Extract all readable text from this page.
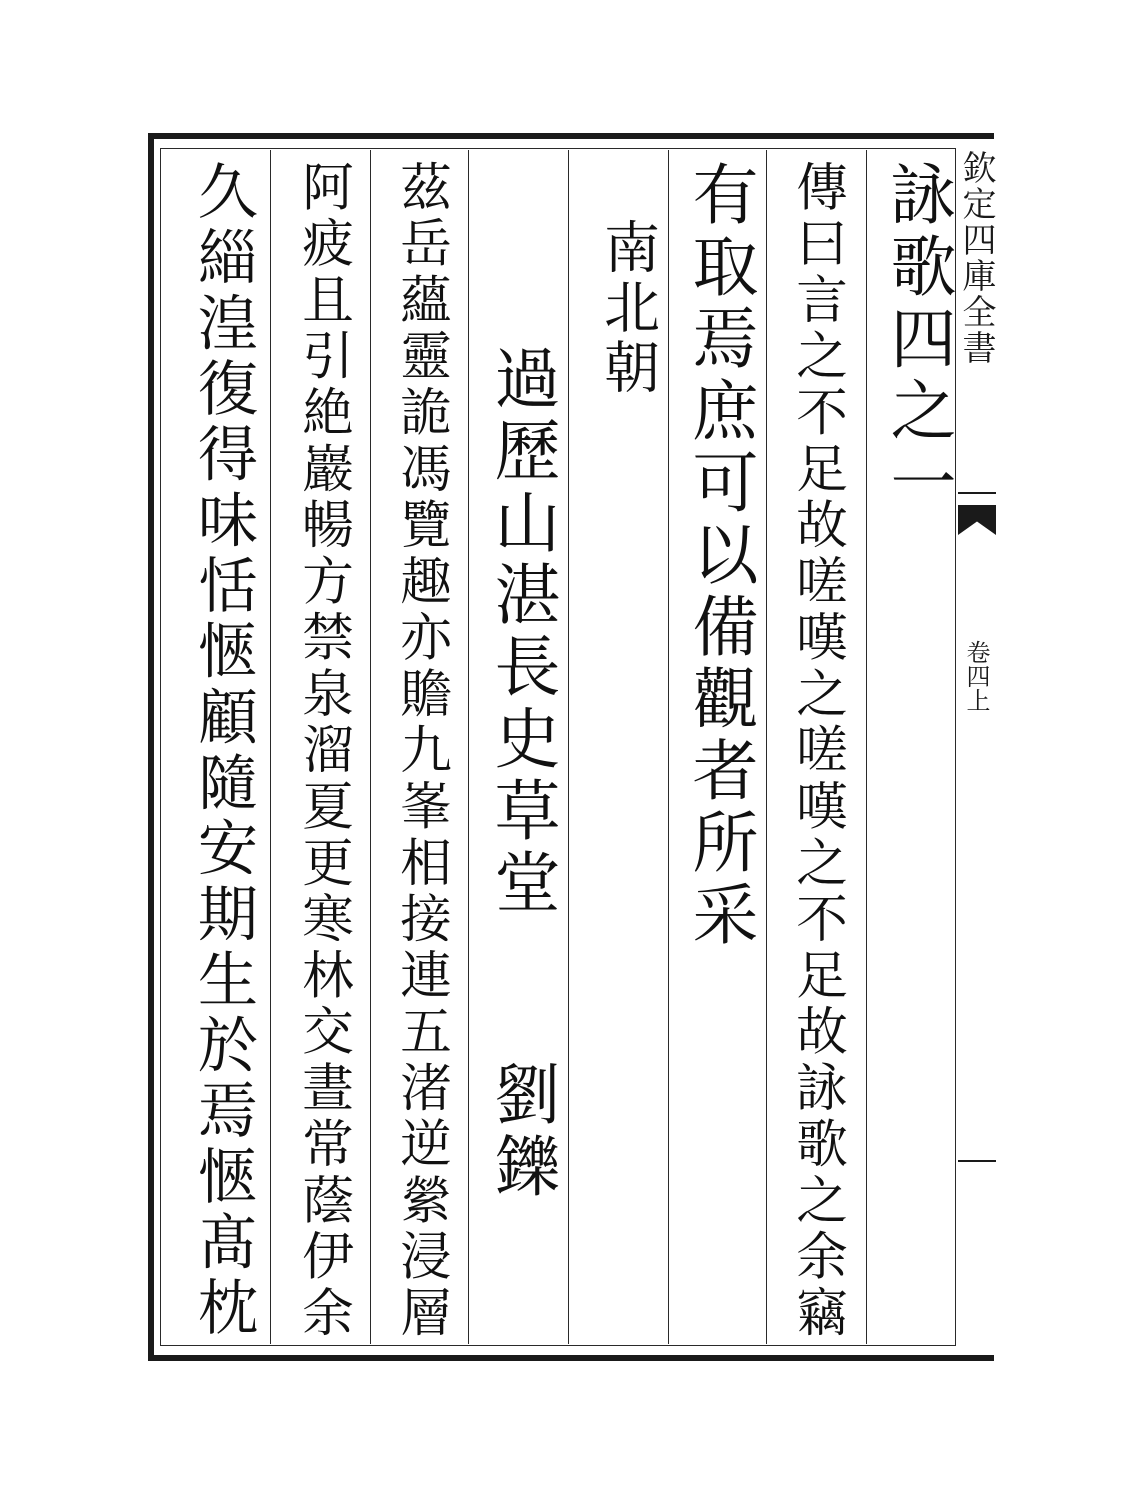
欽定四庫全書
卷四上
詠歌四之一
傳曰言之不足故嗟嘆之嗟嘆之不足故詠歌之余竊
有取焉庶可以備觀者所采
南北朝
過歷山湛長史草堂
劉鑠
茲岳蘊靈詭馮覽趣亦贍九峯相接連五渚逆縈浸層
阿疲且引絶巖暢方禁泉溜夏更寒林交晝常蔭伊余
久緇湟復得味恬愜顧隨安期生於焉愜髙枕
